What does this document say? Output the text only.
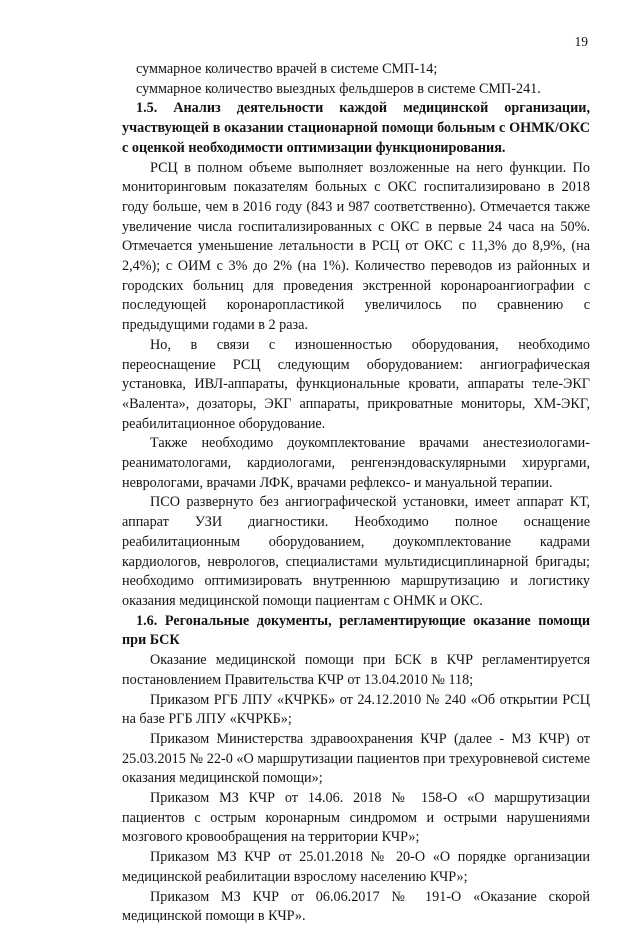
19

суммарное количество врачей в системе СМП-14;

суммарное количество выездных фельдшеров в системе СМП-241.

1.5. Анализ деятельности каждой медицинской организации, участвующей в оказании стационарной помощи больным с ОНМК/ОКС с оценкой необходимости оптимизации функционирования.

РСЦ в полном объеме выполняет возложенные на него функции. По мониторинговым показателям больных с ОКС госпитализировано в 2018 году больше, чем в 2016 году (843 и 987 соответственно). Отмечается также увеличение числа госпитализированных с ОКС в первые 24 часа на 50%. Отмечается уменьшение летальности в РСЦ от ОКС с 11,3% до 8,9%, (на 2,4%); с ОИМ с 3% до 2% (на 1%). Количество переводов из районных и городских больниц для проведения экстренной коронароангиографии с последующей коронаропластикой увеличилось по сравнению с предыдущими годами в 2 раза.

Но, в связи с изношенностью оборудования, необходимо переоснащение РСЦ следующим оборудованием: ангиографическая установка, ИВЛ-аппараты, функциональные кровати, аппараты теле-ЭКГ «Валента», дозаторы, ЭКГ аппараты, прикроватные мониторы, ХМ-ЭКГ, реабилитационное оборудование.

Также необходимо доукомплектование врачами анестезиологами-реаниматологами, кардиологами, ренгенэндоваскулярными хирургами, неврологами, врачами ЛФК, врачами рефлексо- и мануальной терапии.

ПСО развернуто без ангиографической установки, имеет аппарат КТ, аппарат УЗИ диагностики. Необходимо полное оснащение реабилитационным оборудованием, доукомплектование кадрами кардиологов, неврологов, специалистами мультидисциплинарной бригады; необходимо оптимизировать внутреннюю маршрутизацию и логистику оказания медицинской помощи пациентам с ОНМК и ОКС.

1.6. Регональные документы, регламентирующие оказание помощи при БСК

Оказание медицинской помощи при БСК в КЧР регламентируется постановлением Правительства КЧР от 13.04.2010 № 118;

Приказом РГБ ЛПУ «КЧРКБ» от 24.12.2010 № 240 «Об открытии РСЦ на базе РГБ ЛПУ «КЧРКБ»;

Приказом Министерства здравоохранения КЧР (далее - МЗ КЧР) от 25.03.2015 № 22-0 «О маршрутизации пациентов при трехуровневой системе оказания медицинской помощи»;

Приказом МЗ КЧР от 14.06. 2018 № 158-О «О маршрутизации пациентов с острым коронарным синдромом и острыми нарушениями мозгового кровообращения на территории КЧР»;

Приказом МЗ КЧР от 25.01.2018 № 20-О «О порядке организации медицинской реабилитации взрослому населению КЧР»;

Приказом МЗ КЧР от 06.06.2017 № 191-О «Оказание скорой медицинской помощи в КЧР».
